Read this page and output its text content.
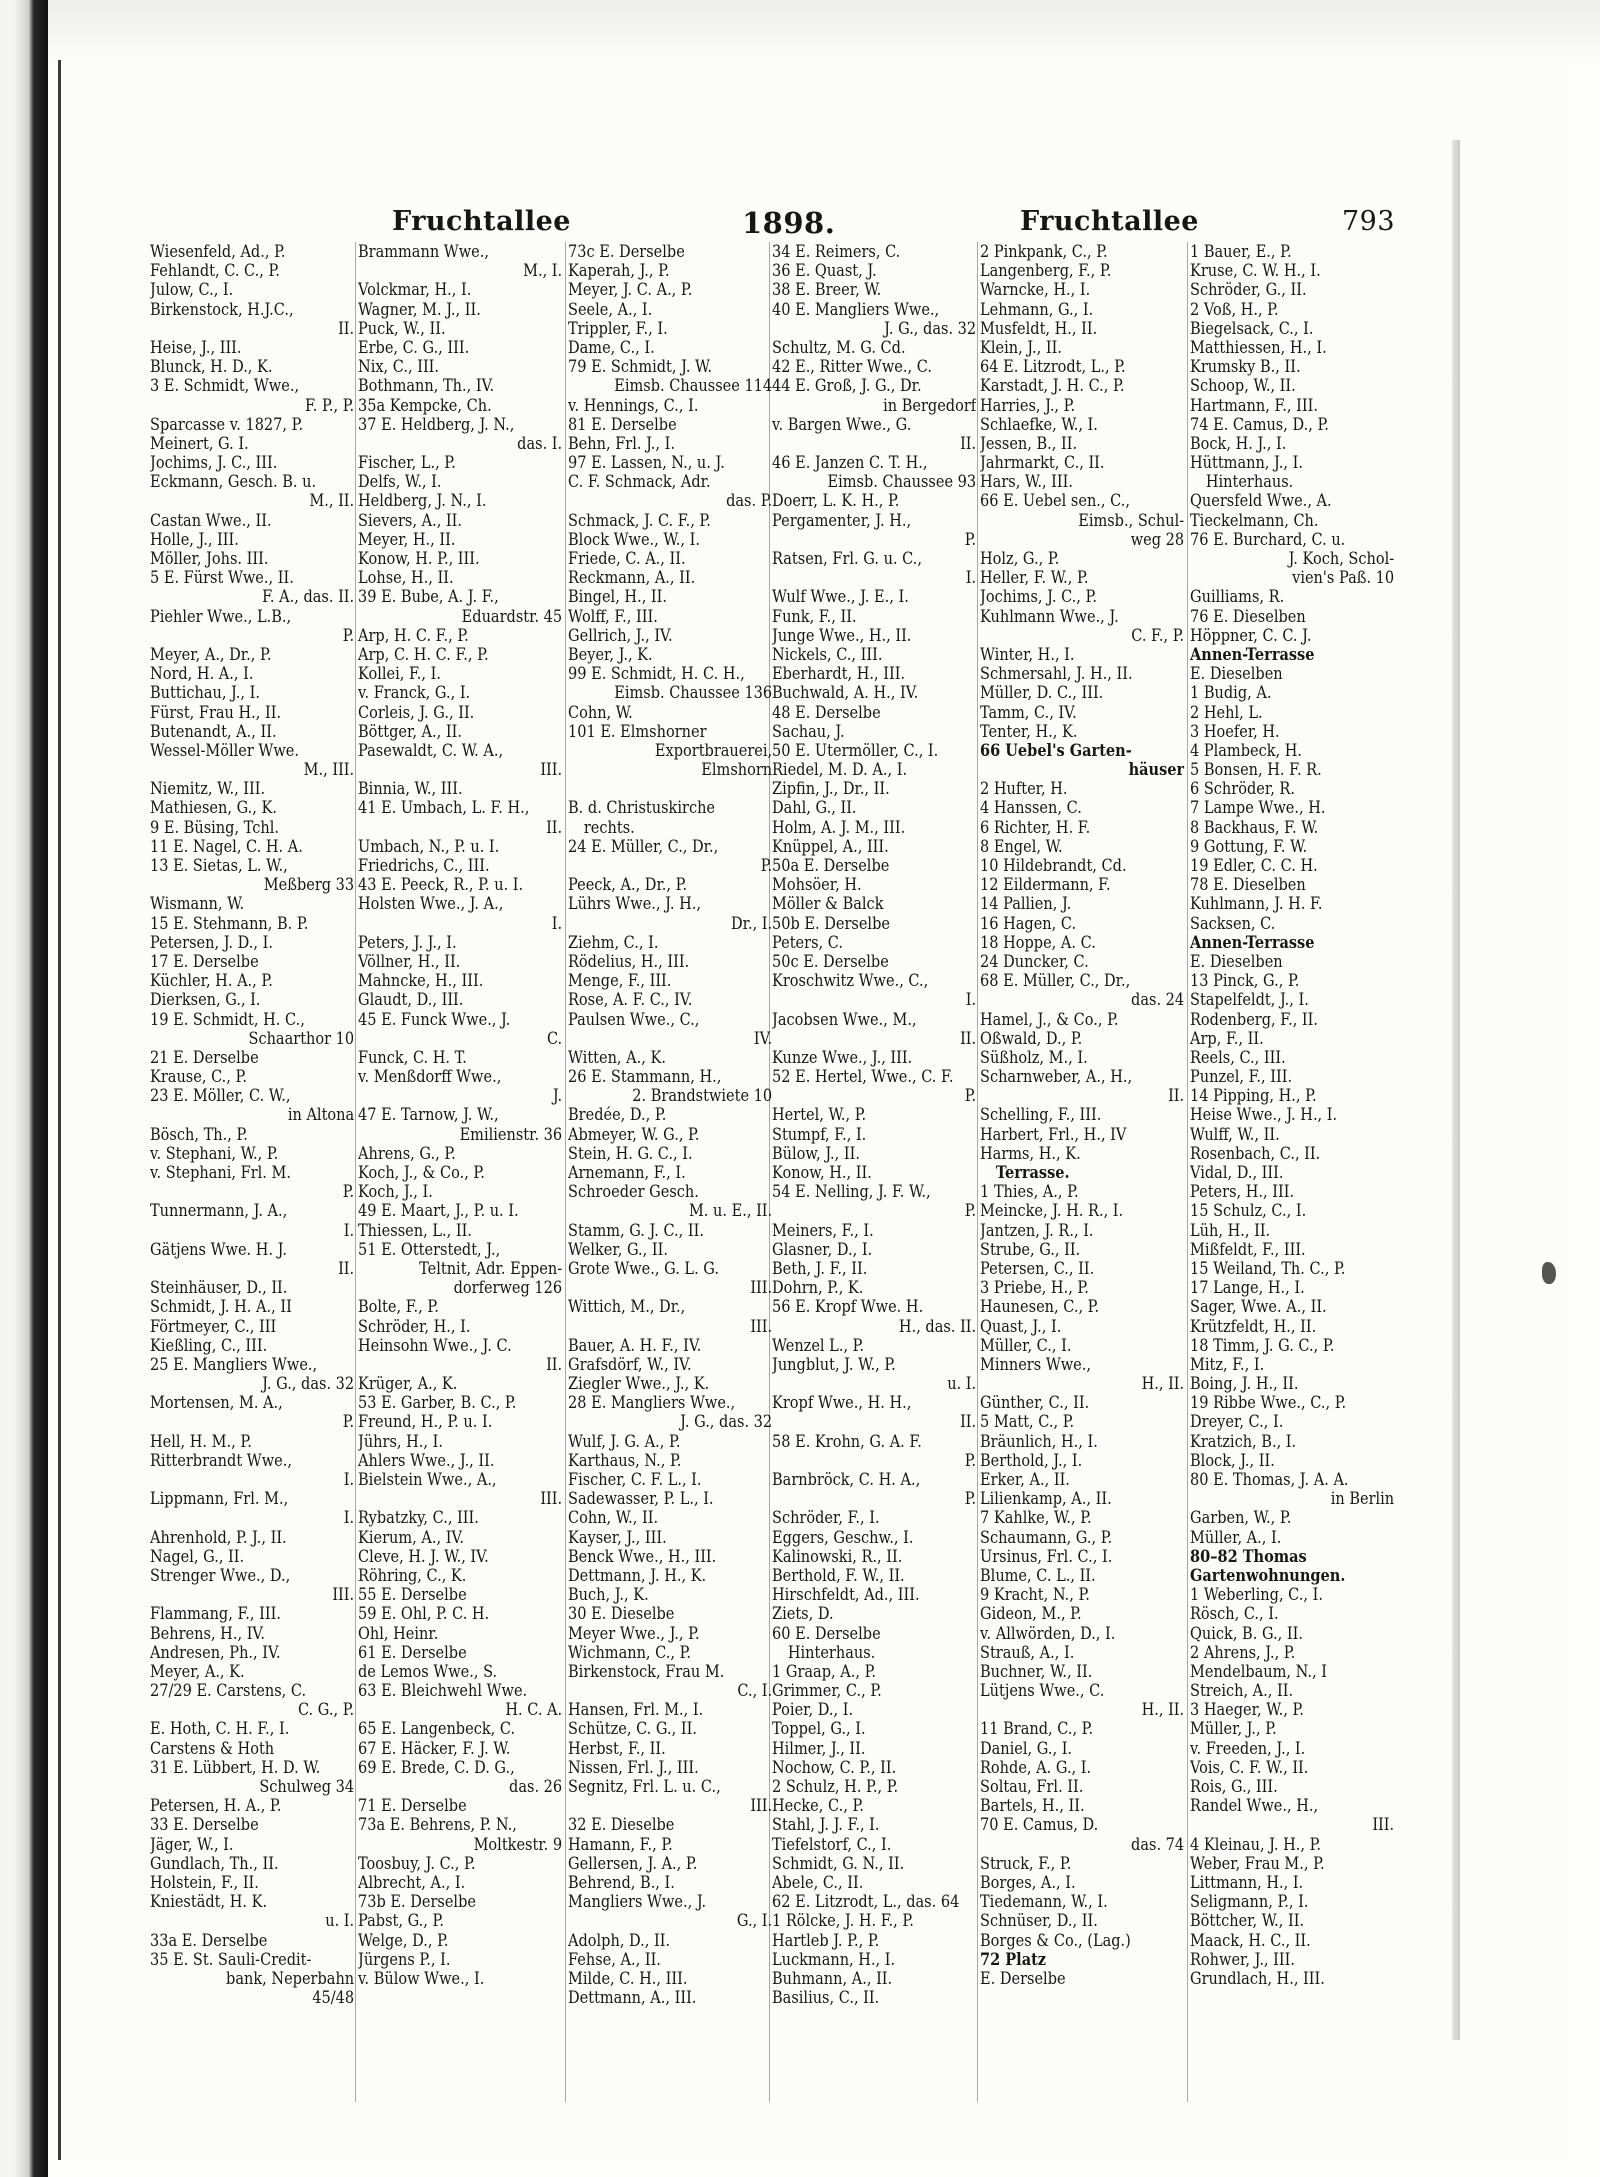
Fruchtallee	1898.	Fruchtallee	793
Wiesenfeld, Ad., P.
Fehlandt, C. C., P.
Julow, C., I.
Birkenstock, H.J.C.,
II.
Heise, J., III.
Blunck, H. D., K.
3 E. Schmidt, Wwe.,
F. P., P.
Sparcasse v. 1827, P.
Meinert, G. I.
Jochims, J. C., III.
Eckmann, Gesch. B. u.
M., II.
Castan Wwe., II.
Holle, J., III.
Möller, Johs. III.
5 E. Fürst Wwe., II.
F. A., das. II.
Piehler Wwe., L.B.,
P.
Meyer, A., Dr., P.
Nord, H. A., I.
Buttichau, J., I.
Fürst, Frau H., II.
Butenandt, A., II.
Wessel-Möller Wwe.
M., III.
Niemitz, W., III.
Mathiesen, G., K.
9 E. Büsing, Tchl.
11 E. Nagel, C. H. A.
13 E. Sietas, L. W.,
Meßberg 33
Wismann, W.
15 E. Stehmann, B. P.
Petersen, J. D., I.
17 E. Derselbe
Küchler, H. A., P.
Dierksen, G., I.
19 E. Schmidt, H. C.,
Schaarthor 10
21 E. Derselbe
Krause, C., P.
23 E. Möller, C. W.,
in Altona
Bösch, Th., P.
v. Stephani, W., P.
v. Stephani, Frl. M.
P.
Tunnermann, J. A.,
I.
Gätjens Wwe. H. J.
II.
Steinhäuser, D., II.
Schmidt, J. H. A., II
Förtmeyer, C., III
Kießling, C., III.
25 E. Mangliers Wwe.,
J. G., das. 32
Mortensen, M. A.,
P.
Hell, H. M., P.
Ritterbrandt Wwe.,
I.
Lippmann, Frl. M.,
I.
Ahrenhold, P. J., II.
Nagel, G., II.
Strenger Wwe., D.,
III.
Flammang, F., III.
Behrens, H., IV.
Andresen, Ph., IV.
Meyer, A., K.
27/29 E. Carstens, C.
C. G., P.
E. Hoth, C. H. F., I.
Carstens & Hoth
31 E. Lübbert, H. D. W.
Schulweg 34
Petersen, H. A., P.
33 E. Derselbe
Jäger, W., I.
Gundlach, Th., II.
Holstein, F., II.
Kniestädt, H. K.
u. I.
33a E. Derselbe
35 E. St. Sauli-Credit-
bank, Neperbahn
45/48
Brammann Wwe.,
M., I.
Volckmar, H., I.
Wagner, M. J., II.
Puck, W., II.
Erbe, C. G., III.
Nix, C., III.
Bothmann, Th., IV.
35a Kempcke, Ch.
37 E. Heldberg, J. N.,
das. I.
Fischer, L., P.
Delfs, W., I.
Heldberg, J. N., I.
Sievers, A., II.
Meyer, H., II.
Konow, H. P., III.
Lohse, H., II.
39 E. Bube, A. J. F.,
Eduardstr. 45
Arp, H. C. F., P.
Arp, C. H. C. F., P.
Kollei, F., I.
v. Franck, G., I.
Corleis, J. G., II.
Böttger, A., II.
Pasewaldt, C. W. A.,
III.
Binnia, W., III.
41 E. Umbach, L. F. H.,
II.
Umbach, N., P. u. I.
Friedrichs, C., III.
43 E. Peeck, R., P. u. I.
Holsten Wwe., J. A.,
I.
Peters, J. J., I.
Völlner, H., II.
Mahncke, H., III.
Glaudt, D., III.
45 E. Funck Wwe., J.
C.
Funck, C. H. T.
v. Menßdorff Wwe.,
J.
47 E. Tarnow, J. W.,
Emilienstr. 36
Ahrens, G., P.
Koch, J., & Co., P.
Koch, J., I.
49 E. Maart, J., P. u. I.
Thiessen, L., II.
51 E. Otterstedt, J.,
Teltnit, Adr. Eppen-
dorferweg 126
Bolte, F., P.
Schröder, H., I.
Heinsohn Wwe., J. C.
II.
Krüger, A., K.
53 E. Garber, B. C., P.
Freund, H., P. u. I.
Jührs, H., I.
Ahlers Wwe., J., II.
Bielstein Wwe., A.,
III.
Rybatzky, C., III.
Kierum, A., IV.
Cleve, H. J. W., IV.
Röhring, C., K.
55 E. Derselbe
59 E. Ohl, P. C. H.
Ohl, Heinr.
61 E. Derselbe
de Lemos Wwe., S.
63 E. Bleichwehl Wwe.
H. C. A.
65 E. Langenbeck, C.
67 E. Häcker, F. J. W.
69 E. Brede, C. D. G.,
das. 26
71 E. Derselbe
73a E. Behrens, P. N.,
Moltkestr. 9
Toosbuy, J. C., P.
Albrecht, A., I.
73b E. Derselbe
Pabst, G., P.
Welge, D., P.
Jürgens P., I.
v. Bülow Wwe., I.
73c E. Derselbe
Kaperah, J., P.
Meyer, J. C. A., P.
Seele, A., I.
Trippler, F., I.
Dame, C., I.
79 E. Schmidt, J. W.
Eimsb. Chaussee 114
v. Hennings, C., I.
81 E. Derselbe
Behn, Frl. J., I.
97 E. Lassen, N., u. J.
C. F. Schmack, Adr.
das. P.
Schmack, J. C. F., P.
Block Wwe., W., I.
Friede, C. A., II.
Reckmann, A., II.
Bingel, H., II.
Wolff, F., III.
Gellrich, J., IV.
Beyer, J., K.
99 E. Schmidt, H. C. H.,
Eimsb. Chaussee 136
Cohn, W.
101 E. Elmshorner
Exportbrauerei,
Elmshorn
B. d. Christuskirche
rechts.
24 E. Müller, C., Dr.,
P.
Peeck, A., Dr., P.
Lührs Wwe., J. H.,
Dr., I.
Ziehm, C., I.
Rödelius, H., III.
Menge, F., III.
Rose, A. F. C., IV.
Paulsen Wwe., C.,
IV.
Witten, A., K.
26 E. Stammann, H.,
2. Brandstwiete 10
Bredée, D., P.
Abmeyer, W. G., P.
Stein, H. G. C., I.
Arnemann, F., I.
Schroeder Gesch.
M. u. E., II.
Stamm, G. J. C., II.
Welker, G., II.
Grote Wwe., G. L. G.
III.
Wittich, M., Dr.,
III.
Bauer, A. H. F., IV.
Grafsdörf, W., IV.
Ziegler Wwe., J., K.
28 E. Mangliers Wwe.,
J. G., das. 32
Wulf, J. G. A., P.
Karthaus, N., P.
Fischer, C. F. L., I.
Sadewasser, P. L., I.
Cohn, W., II.
Kayser, J., III.
Benck Wwe., H., III.
Dettmann, J. H., K.
Buch, J., K.
30 E. Dieselbe
Meyer Wwe., J., P.
Wichmann, C., P.
Birkenstock, Frau M.
C., I.
Hansen, Frl. M., I.
Schütze, C. G., II.
Herbst, F., II.
Nissen, Frl. J., III.
Segnitz, Frl. L. u. C.,
III.
32 E. Dieselbe
Hamann, F., P.
Gellersen, J. A., P.
Behrend, B., I.
Mangliers Wwe., J.
G., I.
Adolph, D., II.
Fehse, A., II.
Milde, C. H., III.
Dettmann, A., III.
34 E. Reimers, C.
36 E. Quast, J.
38 E. Breer, W.
40 E. Mangliers Wwe.,
J. G., das. 32
Schultz, M. G. Cd.
42 E., Ritter Wwe., C.
44 E. Groß, J. G., Dr.
in Bergedorf
v. Bargen Wwe., G.
II.
46 E. Janzen C. T. H.,
Eimsb. Chaussee 93
Doerr, L. K. H., P.
Pergamenter, J. H.,
P.
Ratsen, Frl. G. u. C.,
I.
Wulf Wwe., J. E., I.
Funk, F., II.
Junge Wwe., H., II.
Nickels, C., III.
Eberhardt, H., III.
Buchwald, A. H., IV.
48 E. Derselbe
Sachau, J.
50 E. Utermöller, C., I.
Riedel, M. D. A., I.
Zipfin, J., Dr., II.
Dahl, G., II.
Holm, A. J. M., III.
Knüppel, A., III.
50a E. Derselbe
Mohsöer, H.
Möller & Balck
50b E. Derselbe
Peters, C.
50c E. Derselbe
Kroschwitz Wwe., C.,
I.
Jacobsen Wwe., M.,
II.
Kunze Wwe., J., III.
52 E. Hertel, Wwe., C. F.
P.
Hertel, W., P.
Stumpf, F., I.
Bülow, J., II.
Konow, H., II.
54 E. Nelling, J. F. W.,
P.
Meiners, F., I.
Glasner, D., I.
Beth, J. F., II.
Dohrn, P., K.
56 E. Kropf Wwe. H.
H., das. II.
Wenzel L., P.
Jungblut, J. W., P.
u. I.
Kropf Wwe., H. H.,
II.
58 E. Krohn, G. A. F.
P.
Barnbröck, C. H. A.,
P.
Schröder, F., I.
Eggers, Geschw., I.
Kalinowski, R., II.
Berthold, F. W., II.
Hirschfeldt, Ad., III.
Ziets, D.
60 E. Derselbe
Hinterhaus.
1 Graap, A., P.
Grimmer, C., P.
Poier, D., I.
Toppel, G., I.
Hilmer, J., II.
Nochow, C. P., II.
2 Schulz, H. P., P.
Hecke, C., P.
Stahl, J. J. F., I.
Tiefelstorf, C., I.
Schmidt, G. N., II.
Abele, C., II.
62 E. Litzrodt, L., das. 64
1 Rölcke, J. H. F., P.
Hartleb J. P., P.
Luckmann, H., I.
Buhmann, A., II.
Basilius, C., II.
2 Pinkpank, C., P.
Langenberg, F., P.
Warncke, H., I.
Lehmann, G., I.
Musfeldt, H., II.
Klein, J., II.
64 E. Litzrodt, L., P.
Karstadt, J. H. C., P.
Harries, J., P.
Schlaefke, W., I.
Jessen, B., II.
Jahrmarkt, C., II.
Hars, W., III.
66 E. Uebel sen., C.,
Eimsb., Schul-
weg 28
Holz, G., P.
Heller, F. W., P.
Jochims, J. C., P.
Kuhlmann Wwe., J.
C. F., P.
Winter, H., I.
Schmersahl, J. H., II.
Müller, D. C., III.
Tamm, C., IV.
Tenter, H., K.
66 Uebel's Garten-
häuser
2 Hufter, H.
4 Hanssen, C.
6 Richter, H. F.
8 Engel, W.
10 Hildebrandt, Cd.
12 Eildermann, F.
14 Pallien, J.
16 Hagen, C.
18 Hoppe, A. C.
24 Duncker, C.
68 E. Müller, C., Dr.,
das. 24
Hamel, J., & Co., P.
Oßwald, D., P.
Süßholz, M., I.
Scharnweber, A., H.,
II.
Schelling, F., III.
Harbert, Frl., H., IV
Harms, H., K.
Terrasse.
1 Thies, A., P.
Meincke, J. H. R., I.
Jantzen, J. R., I.
Strube, G., II.
Petersen, C., II.
3 Priebe, H., P.
Haunesen, C., P.
Quast, J., I.
Müller, C., I.
Minners Wwe.,
H., II.
Günther, C., II.
5 Matt, C., P.
Bräunlich, H., I.
Berthold, J., I.
Erker, A., II.
Lilienkamp, A., II.
7 Kahlke, W., P.
Schaumann, G., P.
Ursinus, Frl. C., I.
Blume, C. L., II.
9 Kracht, N., P.
Gideon, M., P.
v. Allwörden, D., I.
Strauß, A., I.
Buchner, W., II.
Lütjens Wwe., C.
H., II.
11 Brand, C., P.
Daniel, G., I.
Rohde, A. G., I.
Soltau, Frl. II.
Bartels, H., II.
70 E. Camus, D.
das. 74
Struck, F., P.
Borges, A., I.
Tiedemann, W., I.
Schnüser, D., II.
Borges & Co., (Lag.)
72 Platz
E. Derselbe
1 Bauer, E., P.
Kruse, C. W. H., I.
Schröder, G., II.
2 Voß, H., P.
Biegelsack, C., I.
Matthiessen, H., I.
Krumsky B., II.
Schoop, W., II.
Hartmann, F., III.
74 E. Camus, D., P.
Bock, H. J., I.
Hüttmann, J., I.
Hinterhaus.
Quersfeld Wwe., A.
Tieckelmann, Ch.
76 E. Burchard, C. u.
J. Koch, Schol-
vien's Paß. 10
Guilliams, R.
76 E. Dieselben
Höppner, C. C. J.
Annen-Terrasse
E. Dieselben
1 Budig, A.
2 Hehl, L.
3 Hoefer, H.
4 Plambeck, H.
5 Bonsen, H. F. R.
6 Schröder, R.
7 Lampe Wwe., H.
8 Backhaus, F. W.
9 Gottung, F. W.
19 Edler, C. C. H.
78 E. Dieselben
Kuhlmann, J. H. F.
Sacksen, C.
Annen-Terrasse
E. Dieselben
13 Pinck, G., P.
Stapelfeldt, J., I.
Rodenberg, F., II.
Arp, F., II.
Reels, C., III.
Punzel, F., III.
14 Pipping, H., P.
Heise Wwe., J. H., I.
Wulff, W., II.
Rosenbach, C., II.
Vidal, D., III.
Peters, H., III.
15 Schulz, C., I.
Lüh, H., II.
Mißfeldt, F., III.
15 Weiland, Th. C., P.
17 Lange, H., I.
Sager, Wwe. A., II.
Krützfeldt, H., II.
18 Timm, J. G. C., P.
Mitz, F., I.
Boing, J. H., II.
19 Ribbe Wwe., C., P.
Dreyer, C., I.
Kratzich, B., I.
Block, J., II.
80 E. Thomas, J. A. A.
in Berlin
Garben, W., P.
Müller, A., I.
80–82 Thomas
Gartenwohnungen.
1 Weberling, C., I.
Rösch, C., I.
Quick, B. G., II.
2 Ahrens, J., P.
Mendelbaum, N., I
Streich, A., II.
3 Haeger, W., P.
Müller, J., P.
v. Freeden, J., I.
Vois, C. F. W., II.
Rois, G., III.
Randel Wwe., H.,
III.
4 Kleinau, J. H., P.
Weber, Frau M., P.
Littmann, H., I.
Seligmann, P., I.
Böttcher, W., II.
Maack, H. C., II.
Rohwer, J., III.
Grundlach, H., III.
